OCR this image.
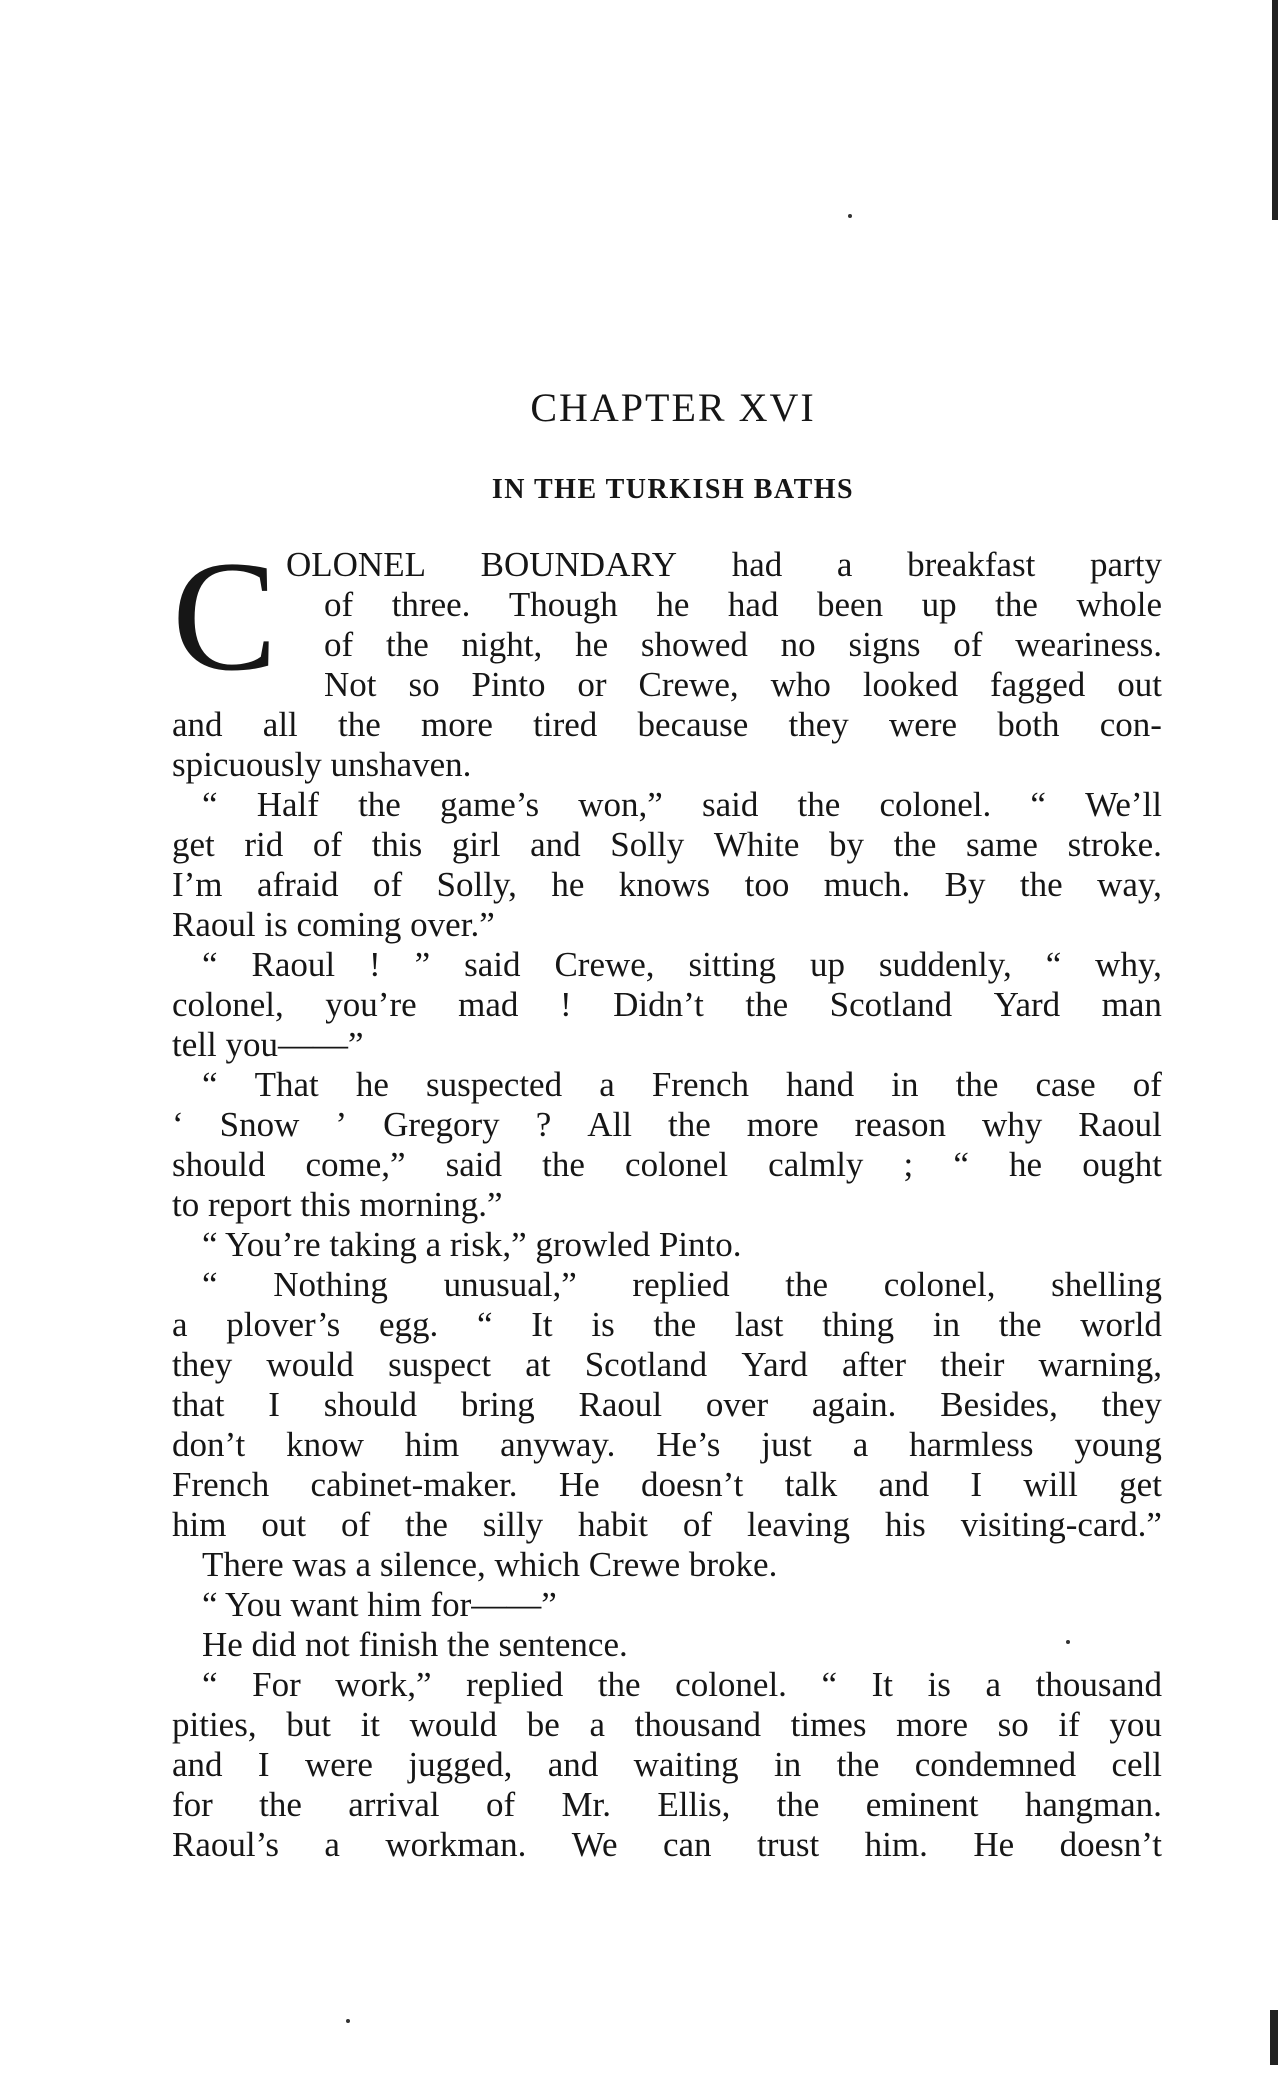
CHAPTER XVI
IN THE TURKISH BATHS
C OLONEL BOUNDARY had a breakfast party
of three. Though he had been up the whole
of the night, he showed no signs of weariness.
Not so Pinto or Crewe, who looked fagged out
and all the more tired because they were both con-
spicuously unshaven.
“ Half the game’s won,” said the colonel. “ We’ll
get rid of this girl and Solly White by the same stroke.
I’m afraid of Solly, he knows too much. By the way,
Raoul is coming over.”
“ Raoul ! ” said Crewe, sitting up suddenly, “ why,
colonel, you’re mad ! Didn’t the Scotland Yard man
tell you——”
“ That he suspected a French hand in the case of
‘ Snow ’ Gregory ? All the more reason why Raoul
should come,” said the colonel calmly ; “ he ought
to report this morning.”
“ You’re taking a risk,” growled Pinto.
“ Nothing unusual,” replied the colonel, shelling
a plover’s egg. “ It is the last thing in the world
they would suspect at Scotland Yard after their warning,
that I should bring Raoul over again. Besides, they
don’t know him anyway. He’s just a harmless young
French cabinet-maker. He doesn’t talk and I will get
him out of the silly habit of leaving his visiting-card.”
There was a silence, which Crewe broke.
“ You want him for——”
He did not finish the sentence.
“ For work,” replied the colonel. “ It is a thousand
pities, but it would be a thousand times more so if you
and I were jugged, and waiting in the condemned cell
for the arrival of Mr. Ellis, the eminent hangman.
Raoul’s a workman. We can trust him. He doesn’t
